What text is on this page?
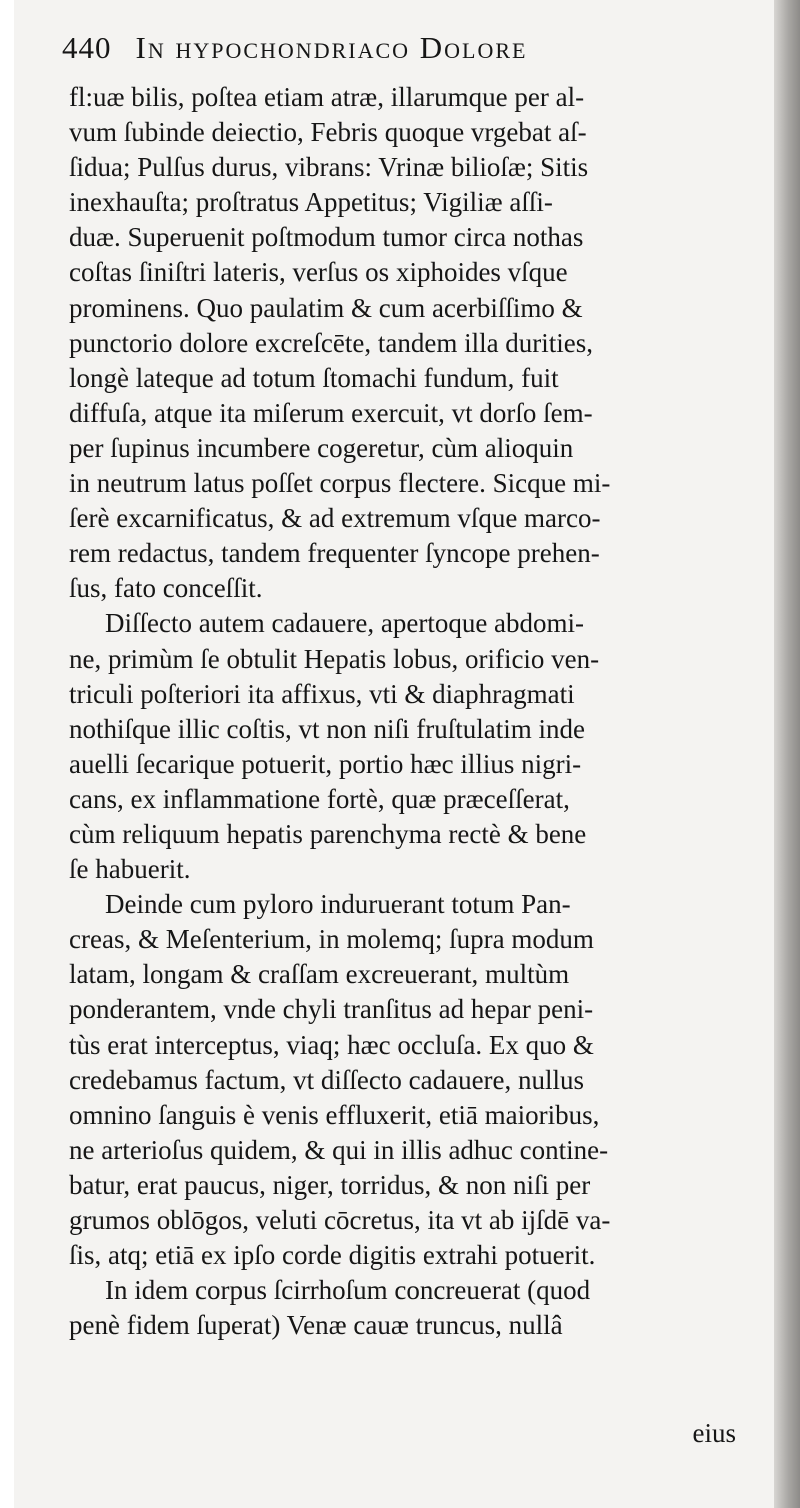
440 In hypochondriaco Dolore
fl:uæ bilis, poſtea etiam atræ, illarumque per al-
vum ſubinde deiectio, Febris quoque vrgebat aſ-
ſidua; Pulſus durus, vibrans: Vrinæ bilioſæ; Sitis
inexhauſta; proſtratus Appetitus; Vigiliæ aſſi-
duæ. Superuenit poſtmodum tumor circa nothas
coſtas ſiniſtri lateris, verſus os xiphoides vſque
prominens. Quo paulatim & cum acerbiſſimo &
punctorio dolore excreſcēte, tandem illa durities,
longè lateque ad totum ſtomachi fundum, fuit
diffuſa, atque ita miſerum exercuit, vt dorſo ſem-
per ſupinus incumbere cogeretur, cùm alioquin
in neutrum latus poſſet corpus flectere. Sicque mi-
ſerè excarnificatus, & ad extremum vſque marco-
rem redactus, tandem frequenter ſyncope prehen-
ſus, fato conceſſit.
Diſſecto autem cadauere, apertoque abdomi-
ne, primùm ſe obtulit Hepatis lobus, orificio ven-
triculi poſteriori ita affixus, vti & diaphragmati
nothiſque illic coſtis, vt non niſi fruſtulatim inde
auelli ſecarique potuerit, portio hæc illius nigri-
cans, ex inflammatione fortè, quæ præceſſerat,
cùm reliquum hepatis parenchyma rectè & bene
ſe habuerit.
Deinde cum pyloro induruerant totum Pan-
creas, & Meſenterium, in molemq; ſupra modum
latam, longam & craſſam excreuerant, multùm
ponderantem, vnde chyli tranſitus ad hepar peni-
tùs erat interceptus, viaq; hæc occluſa. Ex quo &
credebamus factum, vt diſſecto cadauere, nullus
omnino ſanguis è venis effluxerit, etiā maioribus,
ne arterioſus quidem, & qui in illis adhuc contine-
batur, erat paucus, niger, torridus, & non niſi per
grumos oblōgos, veluti cōcretus, ita vt ab ijſdē va-
ſis, atq; etiā ex ipſo corde digitis extrahi potuerit.
In idem corpus ſcirrhoſum concreuerat (quod
penè fidem ſuperat) Venæ cauæ truncus, nullâ
eius
